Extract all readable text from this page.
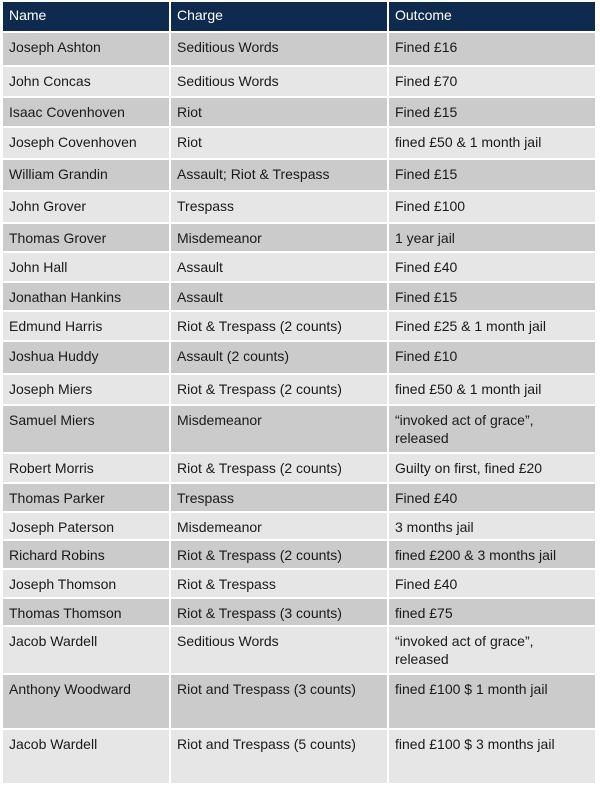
Name	Charge	Outcome
Joseph Ashton	Seditious Words	Fined £16
John Concas	Seditious Words	Fined £70
Isaac Covenhoven	Riot	Fined £15
Joseph Covenhoven	Riot	fined £50 & 1 month jail
William Grandin	Assault; Riot & Trespass	Fined £15
John Grover	Trespass	Fined £100
Thomas Grover	Misdemeanor	1 year jail
John Hall	Assault	Fined £40
Jonathan Hankins	Assault	Fined £15
Edmund Harris	Riot & Trespass (2 counts)	Fined £25 & 1 month jail
Joshua Huddy	Assault (2 counts)	Fined £10
Joseph Miers	Riot & Trespass (2 counts)	fined £50 & 1 month jail
Samuel Miers	Misdemeanor	“invoked act of grace”, released
Robert Morris	Riot & Trespass (2 counts)	Guilty on first, fined £20
Thomas Parker	Trespass	Fined £40
Joseph Paterson	Misdemeanor	3 months jail
Richard Robins	Riot & Trespass (2 counts)	fined £200 & 3 months jail
Joseph Thomson	Riot & Trespass	Fined £40
Thomas Thomson	Riot & Trespass (3 counts)	fined £75
Jacob Wardell	Seditious Words	“invoked act of grace”, released
Anthony Woodward	Riot and Trespass (3 counts)	fined £100 $ 1 month jail
Jacob Wardell	Riot and Trespass (5 counts)	fined £100 $ 3 months jail
